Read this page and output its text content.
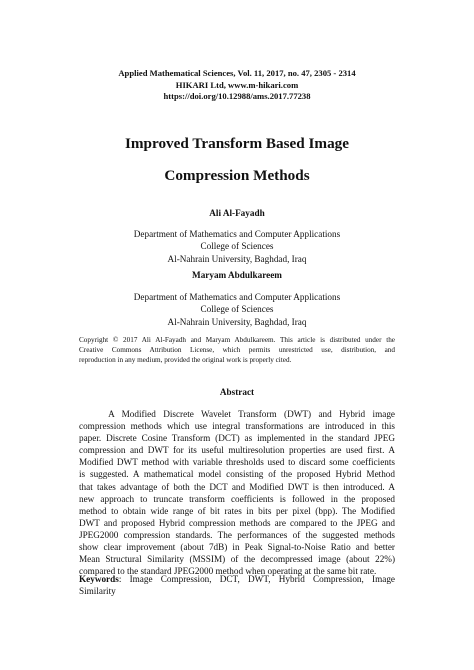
Applied Mathematical Sciences, Vol. 11, 2017, no. 47, 2305 - 2314
HIKARI Ltd, www.m-hikari.com
https://doi.org/10.12988/ams.2017.77238
Improved Transform Based Image
Compression Methods
Ali Al-Fayadh
Department of Mathematics and Computer Applications
College of Sciences
Al-Nahrain University, Baghdad, Iraq
Maryam Abdulkareem
Department of Mathematics and Computer Applications
College of Sciences
Al-Nahrain University, Baghdad, Iraq
Copyright © 2017 Ali Al-Fayadh and Maryam Abdulkareem. This article is distributed under the
Creative Commons Attribution License, which permits unrestricted use, distribution, and
reproduction in any medium, provided the original work is properly cited.
Abstract
A Modified Discrete Wavelet Transform (DWT) and Hybrid image
compression methods which use integral transformations are introduced in this
paper. Discrete Cosine Transform (DCT) as implemented in the standard JPEG
compression and DWT for its useful multiresolution properties are used first. A
Modified DWT method with variable thresholds used to discard some coefficients
is suggested. A mathematical model consisting of the proposed Hybrid Method
that takes advantage of both the DCT and Modified DWT is then introduced. A
new approach to truncate transform coefficients is followed in the proposed
method to obtain wide range of bit rates in bits per pixel (bpp). The Modified
DWT and proposed Hybrid compression methods are compared to the JPEG and
JPEG2000 compression standards. The performances of the suggested methods
show clear improvement (about 7dB) in Peak Signal-to-Noise Ratio and better
Mean Structural Similarity (MSSIM) of the decompressed image (about 22%)
compared to the standard JPEG2000 method when operating at the same bit rate.
Keywords: Image Compression, DCT, DWT, Hybrid Compression, Image
Similarity
